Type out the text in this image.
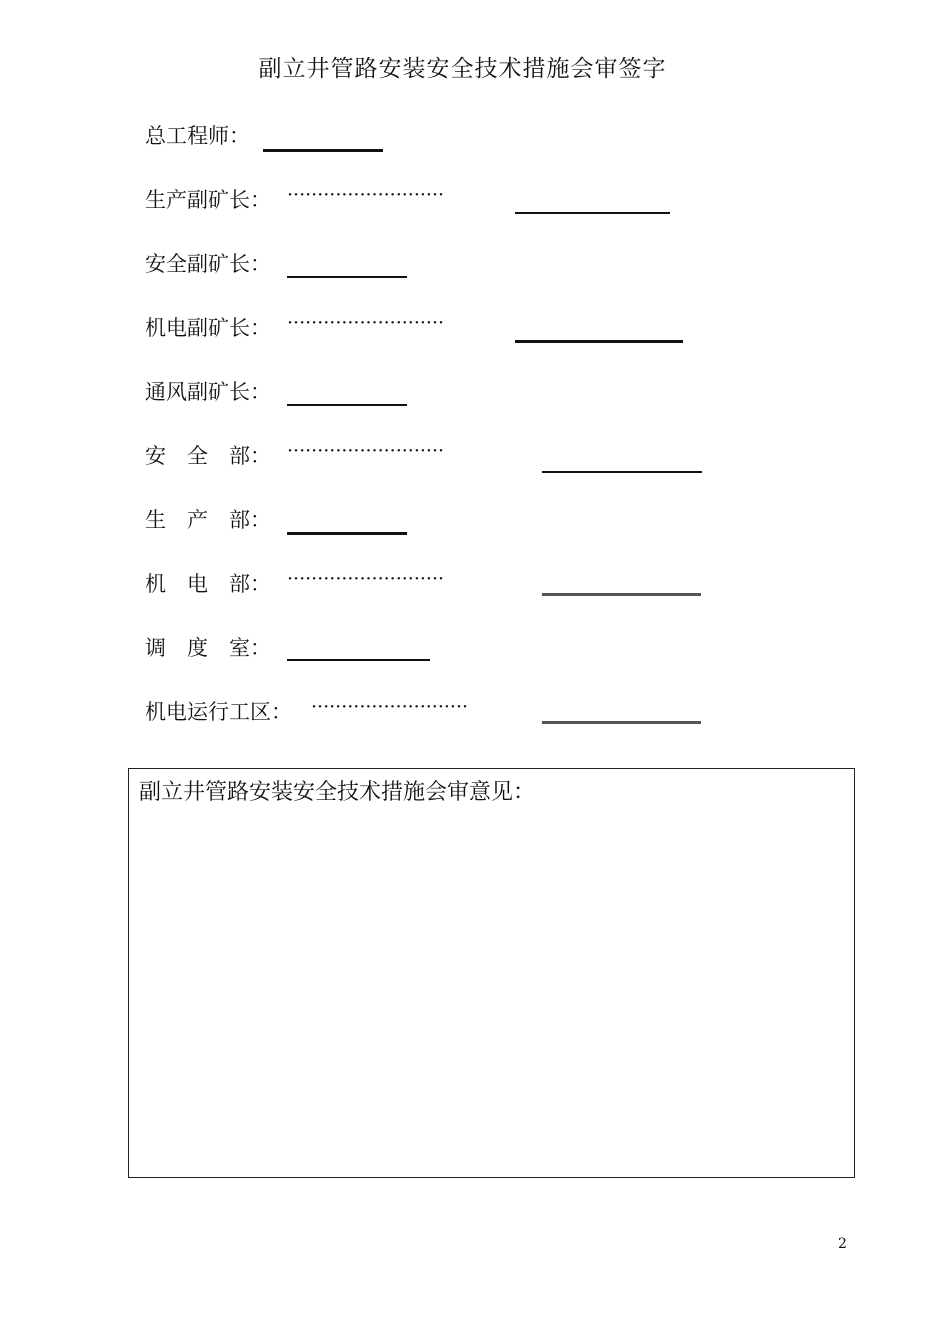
副立井管路安装安全技术措施会审签字
总工程师：
生产副矿长： ··························
安全副矿长：
机电副矿长： ··························
通风副矿长：
安　全　部： ··························
生　产　部：
机　电　部： ··························
调　度　室：
机电运行工区： ··························
副立井管路安装安全技术措施会审意见：
2
